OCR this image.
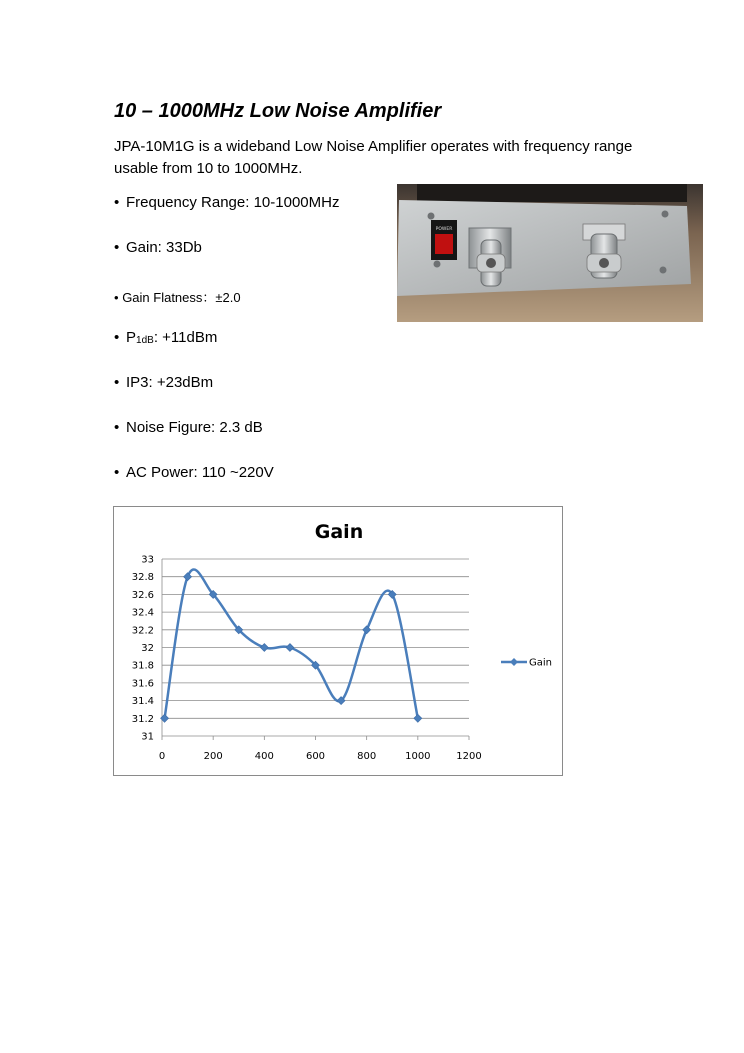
10 – 1000MHz Low Noise Amplifier

JPA-10M1G is a wideband Low Noise Amplifier operates with frequency range usable from 10 to 1000MHz.

• Frequency Range: 10-1000MHz
• Gain: 33Db
• Gain Flatness：±2.0
• $P_{1dB}$: +11dBm
• IP3: +23dBm
• Noise Figure: 2.3 dB
• AC Power: 110 ~220V
POWER
Gain
31
31.2
31.4
31.6
31.8
32
32.2
32.4
32.6
32.8
33
0	200	400	600	800	1000	1200
Gain
